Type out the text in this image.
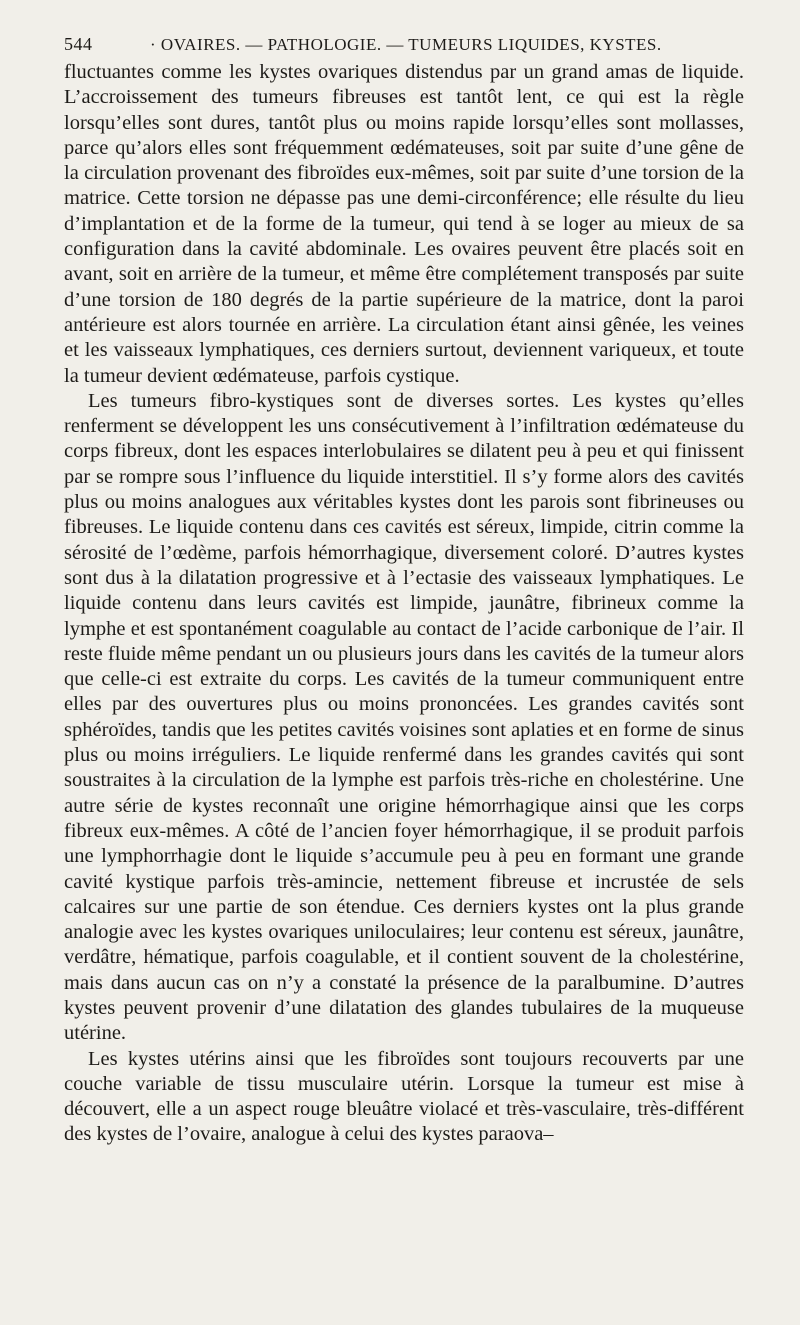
544	· OVAIRES. — PATHOLOGIE. — TUMEURS LIQUIDES, KYSTES.

fluctuantes comme les kystes ovariques distendus par un grand amas de liquide. L’accroissement des tumeurs fibreuses est tantôt lent, ce qui est la règle lorsqu’elles sont dures, tantôt plus ou moins rapide lorsqu’elles sont mollasses, parce qu’alors elles sont fréquemment œdémateuses, soit par suite d’une gêne de la circulation provenant des fibroïdes eux-mêmes, soit par suite d’une torsion de la matrice. Cette torsion ne dépasse pas une demi-circonférence; elle résulte du lieu d’implantation et de la forme de la tumeur, qui tend à se loger au mieux de sa configuration dans la cavité abdominale. Les ovaires peuvent être placés soit en avant, soit en arrière de la tumeur, et même être complétement transposés par suite d’une torsion de 180 degrés de la partie supérieure de la matrice, dont la paroi antérieure est alors tournée en arrière. La circulation étant ainsi gênée, les veines et les vaisseaux lymphatiques, ces derniers surtout, deviennent variqueux, et toute la tumeur devient œdémateuse, parfois cystique.

Les tumeurs fibro-kystiques sont de diverses sortes. Les kystes qu’elles renferment se développent les uns consécutivement à l’infiltration œdémateuse du corps fibreux, dont les espaces interlobulaires se dilatent peu à peu et qui finissent par se rompre sous l’influence du liquide interstitiel. Il s’y forme alors des cavités plus ou moins analogues aux véritables kystes dont les parois sont fibrineuses ou fibreuses. Le liquide contenu dans ces cavités est séreux, limpide, citrin comme la sérosité de l’œdème, parfois hémorrhagique, diversement coloré. D’autres kystes sont dus à la dilatation progressive et à l’ectasie des vaisseaux lymphatiques. Le liquide contenu dans leurs cavités est limpide, jaunâtre, fibrineux comme la lymphe et est spontanément coagulable au contact de l’acide carbonique de l’air. Il reste fluide même pendant un ou plusieurs jours dans les cavités de la tumeur alors que celle-ci est extraite du corps. Les cavités de la tumeur communiquent entre elles par des ouvertures plus ou moins prononcées. Les grandes cavités sont sphéroïdes, tandis que les petites cavités voisines sont aplaties et en forme de sinus plus ou moins irréguliers. Le liquide renfermé dans les grandes cavités qui sont soustraites à la circulation de la lymphe est parfois très-riche en cholestérine. Une autre série de kystes reconnaît une origine hémorrhagique ainsi que les corps fibreux eux-mêmes. A côté de l’ancien foyer hémorrhagique, il se produit parfois une lymphorrhagie dont le liquide s’accumule peu à peu en formant une grande cavité kystique parfois très-amincie, nettement fibreuse et incrustée de sels calcaires sur une partie de son étendue. Ces derniers kystes ont la plus grande analogie avec les kystes ovariques uniloculaires; leur contenu est séreux, jaunâtre, verdâtre, hématique, parfois coagulable, et il contient souvent de la cholestérine, mais dans aucun cas on n’y a constaté la présence de la paralbumine. D’autres kystes peuvent provenir d’une dilatation des glandes tubulaires de la muqueuse utérine.

Les kystes utérins ainsi que les fibroïdes sont toujours recouverts par une couche variable de tissu musculaire utérin. Lorsque la tumeur est mise à découvert, elle a un aspect rouge bleuâtre violacé et très-vasculaire, très-différent des kystes de l’ovaire, analogue à celui des kystes paraova–
